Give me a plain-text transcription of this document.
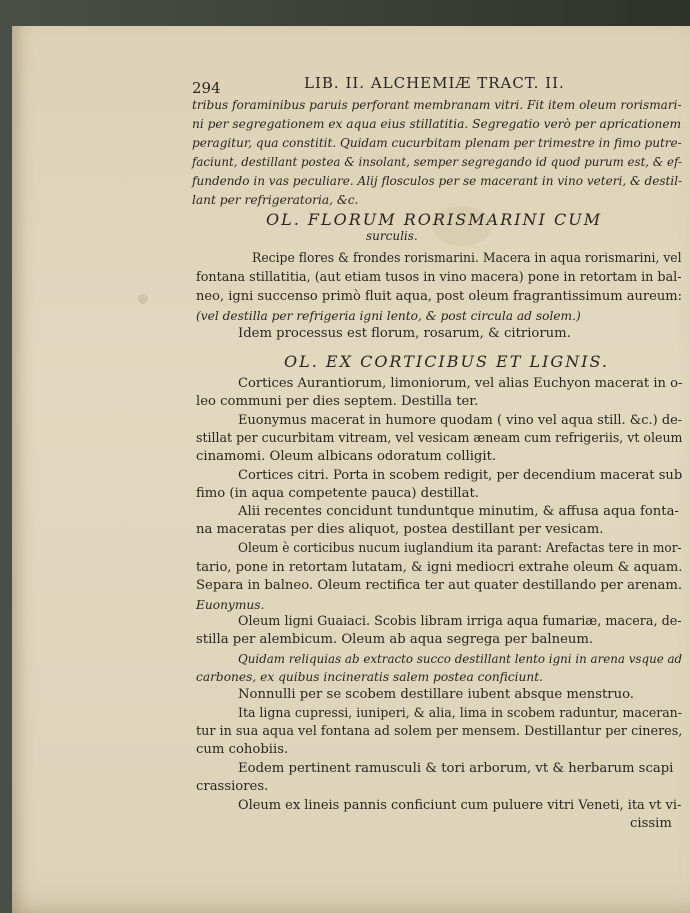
294	LIB. II. ALCHEMIÆ TRACT. II.
tribus foraminibus paruis perforant membranam vitri. Fit item oleum rorismari-
ni per segregationem ex aqua eius stillatitia. Segregatio verò per apricationem
peragitur, qua constitit. Quidam cucurbitam plenam per trimestre in fimo putre-
faciunt, destillant postea & insolant, semper segregando id quod purum est, & ef-
fundendo in vas peculiare. Alij flosculos per se macerant in vino veteri, & destil-
lant per refrigeratoria, &c.
OL. FLORUM RORISMARINI CUM
surculis.
Recipe flores & frondes rorismarini. Macera in aqua rorismarini, vel
fontana stillatitia, (aut etiam tusos in vino macera) pone in retortam in bal-
neo, igni succenso primò fluit aqua, post oleum fragrantissimum aureum:
(vel destilla per refrigeria igni lento, & post circula ad solem.)
Idem processus est florum, rosarum, & citriorum.
OL. EX CORTICIBUS ET LIGNIS.
Cortices Aurantiorum, limoniorum, vel alias Euchyon macerat in o-
leo communi per dies septem. Destilla ter.
Euonymus macerat in humore quodam ( vino vel aqua still. &c.) de-
stillat per cucurbitam vitream, vel vesicam æneam cum refrigeriis, vt oleum
cinamomi. Oleum albicans odoratum colligit.
Cortices citri. Porta in scobem redigit, per decendium macerat sub
fimo (in aqua competente pauca) destillat.
Alii recentes concidunt tunduntque minutim, & affusa aqua fonta-
na maceratas per dies aliquot, postea destillant per vesicam.
Oleum è corticibus nucum iuglandium ita parant: Arefactas tere in mor-
tario, pone in retortam lutatam, & igni mediocri extrahe oleum & aquam.
Separa in balneo. Oleum rectifica ter aut quater destillando per arenam.
Euonymus.
Oleum ligni Guaiaci. Scobis libram irriga aqua fumariæ, macera, de-
stilla per alembicum. Oleum ab aqua segrega per balneum.
Quidam reliquias ab extracto succo destillant lento igni in arena vsque ad
carbones, ex quibus incineratis salem postea conficiunt.
Nonnulli per se scobem destillare iubent absque menstruo.
Ita ligna cupressi, iuniperi, & alia, lima in scobem raduntur, maceran-
tur in sua aqua vel fontana ad solem per mensem. Destillantur per cineres,
cum cohobiis.
Eodem pertinent ramusculi & tori arborum, vt & herbarum scapi
crassiores.
Oleum ex lineis pannis conficiunt cum puluere vitri Veneti, ita vt vi-
cissim
